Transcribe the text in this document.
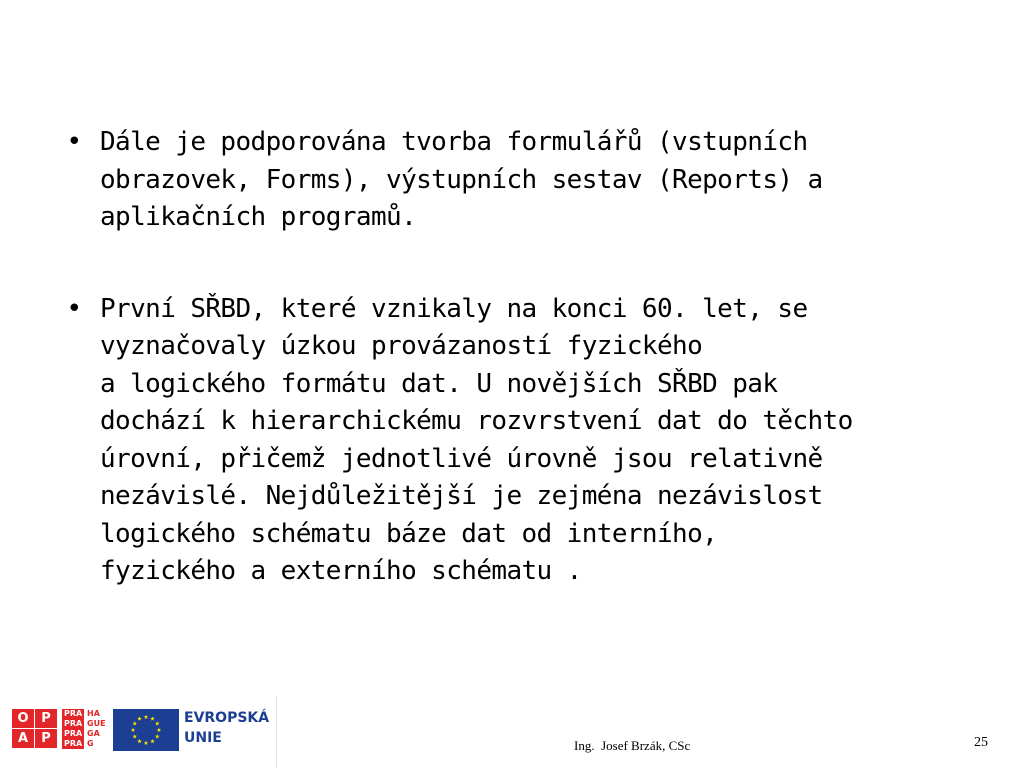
• Dále je podporována tvorba formulářů (vstupních
obrazovek, Forms), výstupních sestav (Reports) a
aplikačních programů.
• První SŘBD, které vznikaly na konci 60. let, se
vyznačovaly úzkou provázaností fyzického
a logického formátu dat. U novějších SŘBD pak
dochází k hierarchickému rozvrstvení dat do těchto
úrovní, přičemž jednotlivé úrovně jsou relativně
nezávislé. Nejdůležitější je zejména nezávislost
logického schématu báze dat od interního,
fyzického a externího schématu .
O P
P
A
PRA HA
PRA GUE
PRA GA
PRA G
EVROPSKÁ
UNIE	Ing.  Josef Brzák, CSc	25
